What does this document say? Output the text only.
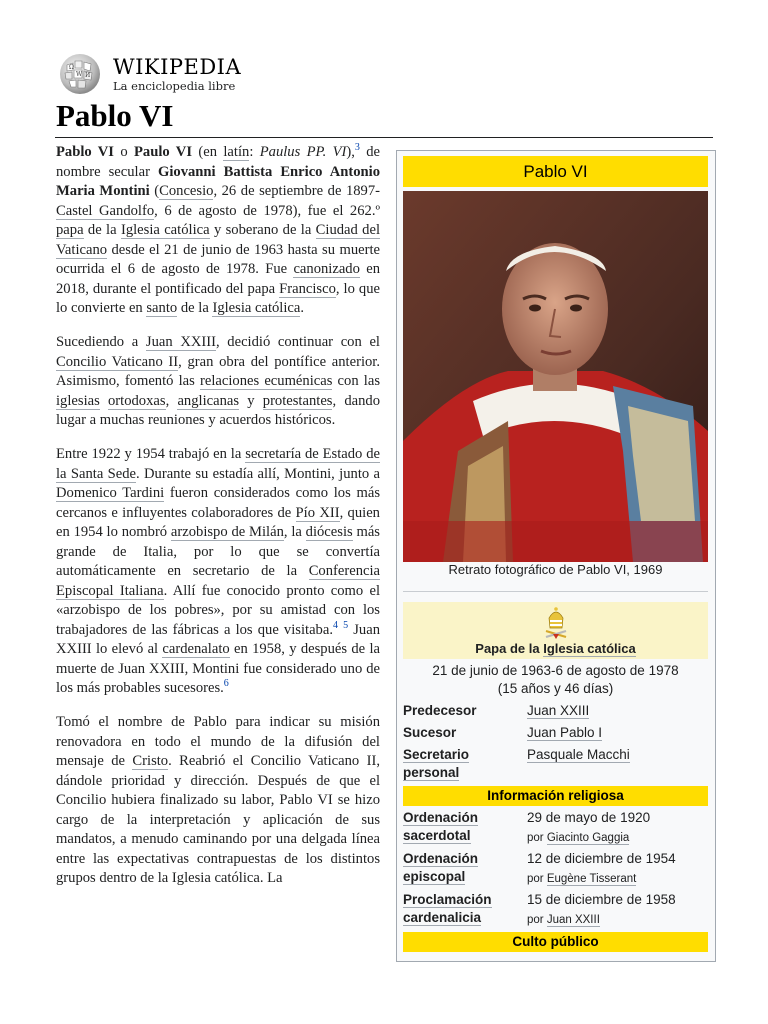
Ω
W И WIKIPEDIA
La enciclopedia libre
Pablo VI

Pablo VI o Paulo VI (en latín: Paulus PP. VI),$^3$ de nombre secular Giovanni Battista Enrico Antonio Maria Montini (Concesio, 26 de septiembre de 1897-Castel Gandolfo, 6 de agosto de 1978), fue el 262.º papa de la Iglesia católica y soberano de la Ciudad del Vaticano desde el 21 de junio de 1963 hasta su muerte ocurrida el 6 de agosto de 1978. Fue canonizado en 2018, durante el pontificado del papa Francisco, lo que lo convierte en santo de la Iglesia católica.

Sucediendo a Juan XXIII, decidió continuar con el Concilio Vaticano II, gran obra del pontífice anterior. Asimismo, fomentó las relaciones ecuménicas con las iglesias ortodoxas, anglicanas y protestantes, dando lugar a muchas reuniones y acuerdos históricos.

Entre 1922 y 1954 trabajó en la secretaría de Estado de la Santa Sede. Durante su estadía allí, Montini, junto a Domenico Tardini fueron considerados como los más cercanos e influyentes colaboradores de Pío XII, quien en 1954 lo nombró arzobispo de Milán, la diócesis más grande de Italia, por lo que se convertía automáticamente en secretario de la Conferencia Episcopal Italiana. Allí fue conocido pronto como el «arzobispo de los pobres», por su amistad con los trabajadores de las fábricas a los que visitaba.$^4$ $^5$ Juan XXIII lo elevó al cardenalato en 1958, y después de la muerte de Juan XXIII, Montini fue considerado uno de los más probables sucesores.$^6$

Tomó el nombre de Pablo para indicar su misión renovadora en todo el mundo de la difusión del mensaje de Cristo. Reabrió el Concilio Vaticano II, dándole prioridad y dirección. Después de que el Concilio hubiera finalizado su labor, Pablo VI se hizo cargo de la interpretación y aplicación de sus mandatos, a menudo caminando por una delgada línea entre las expectativas contrapuestas de los distintos grupos dentro de la Iglesia católica. La

Pablo VI
Retrato fotográfico de Pablo VI, 1969
Papa de la Iglesia católica
21 de junio de 1963-6 de agosto de 1978
(15 años y 46 días)
Predecesor	Juan XXIII
Sucesor	Juan Pablo I
Secretario personal
Pasquale Macchi
Información religiosa
Ordenación sacerdotal
29 de mayo de 1920
por Giacinto Gaggia
Ordenación episcopal
12 de diciembre de 1954
por Eugène Tisserant
Proclamación cardenalicia
15 de diciembre de 1958
por Juan XXIII
Culto público
